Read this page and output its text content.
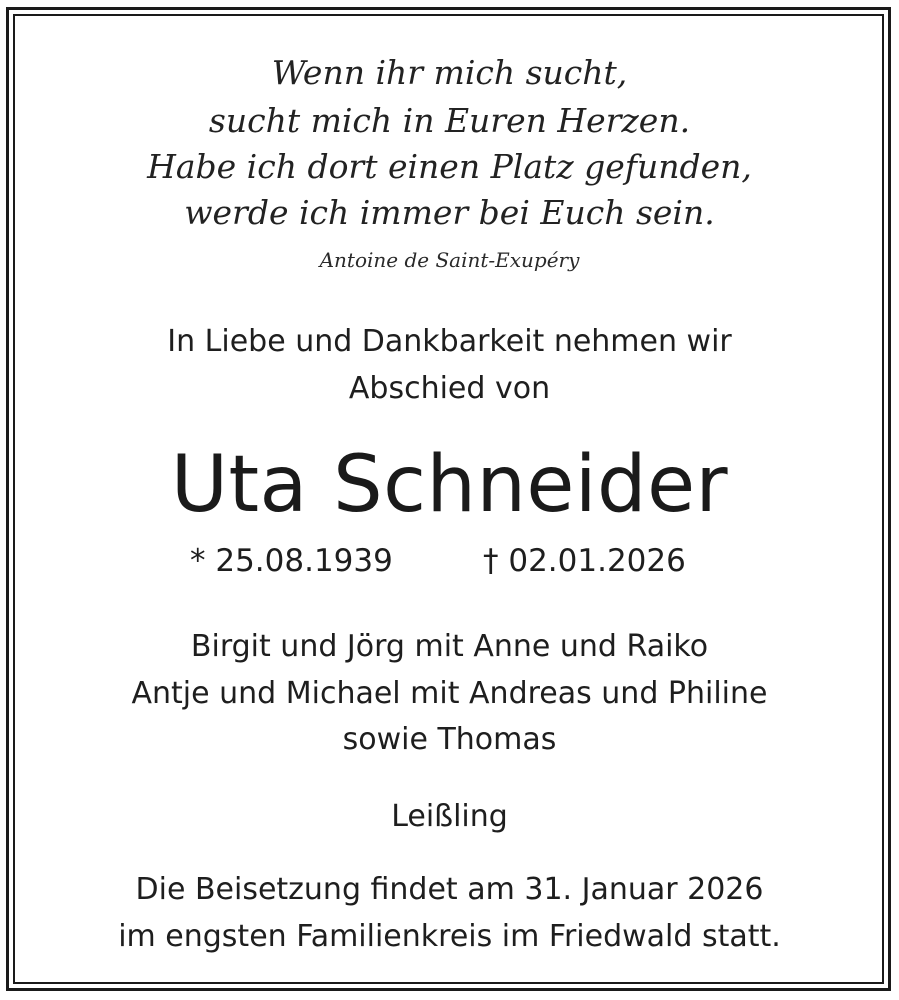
Wenn ihr mich sucht,
sucht mich in Euren Herzen.
Habe ich dort einen Platz gefunden,
werde ich immer bei Euch sein.
Antoine de Saint-Exupéry
In Liebe und Dankbarkeit nehmen wir
Abschied von
Uta Schneider
* 25.08.1939	† 02.01.2026
Birgit und Jörg mit Anne und Raiko
Antje und Michael mit Andreas und Philine
sowie Thomas
Leißling
Die Beisetzung findet am 31. Januar 2026
im engsten Familienkreis im Friedwald statt.
